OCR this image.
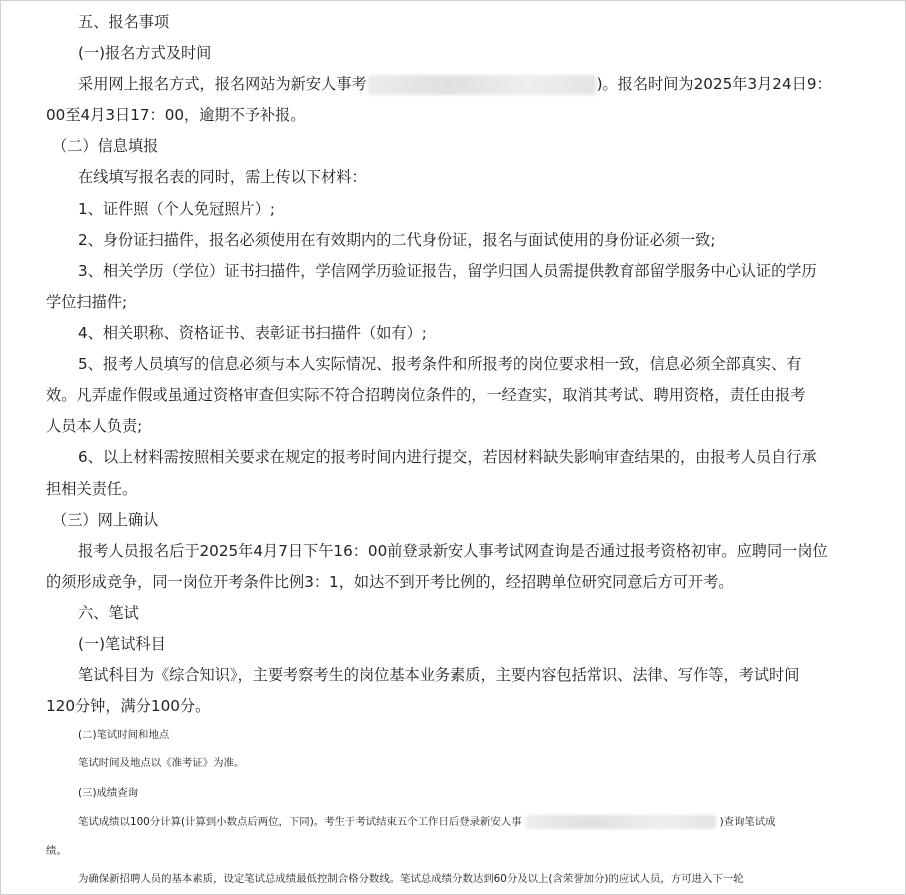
五、报名事项
(一)报名方式及时间
采用网上报名方式，报名网站为新安人事考	)。报名时间为2025年3月24日9：
00至4月3日17：00，逾期不予补报。
（二）信息填报
在线填写报名表的同时，需上传以下材料：
1、证件照（个人免冠照片）;
2、身份证扫描件，报名必须使用在有效期内的二代身份证，报名与面试使用的身份证必须一致;
3、相关学历（学位）证书扫描件，学信网学历验证报告，留学归国人员需提供教育部留学服务中心认证的学历
学位扫描件;
4、相关职称、资格证书、表彰证书扫描件（如有）;
5、报考人员填写的信息必须与本人实际情况、报考条件和所报考的岗位要求相一致，信息必须全部真实、有
效。凡弄虚作假或虽通过资格审查但实际不符合招聘岗位条件的，一经查实，取消其考试、聘用资格，责任由报考
人员本人负责;
6、以上材料需按照相关要求在规定的报考时间内进行提交，若因材料缺失影响审查结果的，由报考人员自行承
担相关责任。
（三）网上确认
报考人员报名后于2025年4月7日下午16：00前登录新安人事考试网查询是否通过报考资格初审。应聘同一岗位
的须形成竞争，同一岗位开考条件比例3：1，如达不到开考比例的，经招聘单位研究同意后方可开考。
六、笔试
(一)笔试科目
笔试科目为《综合知识》，主要考察考生的岗位基本业务素质，主要内容包括常识、法律、写作等，考试时间
120分钟，满分100分。
(二)笔试时间和地点
笔试时间及地点以《准考证》为准。
(三)成绩查询
笔试成绩以100分计算(计算到小数点后两位，下同)。考生于考试结束五个工作日后登录新安人事	)查询笔试成
绩。
为确保新招聘人员的基本素质，设定笔试总成绩最低控制合格分数线。笔试总成绩分数达到60分及以上(含荣誉加分)的应试人员，方可进入下一轮
